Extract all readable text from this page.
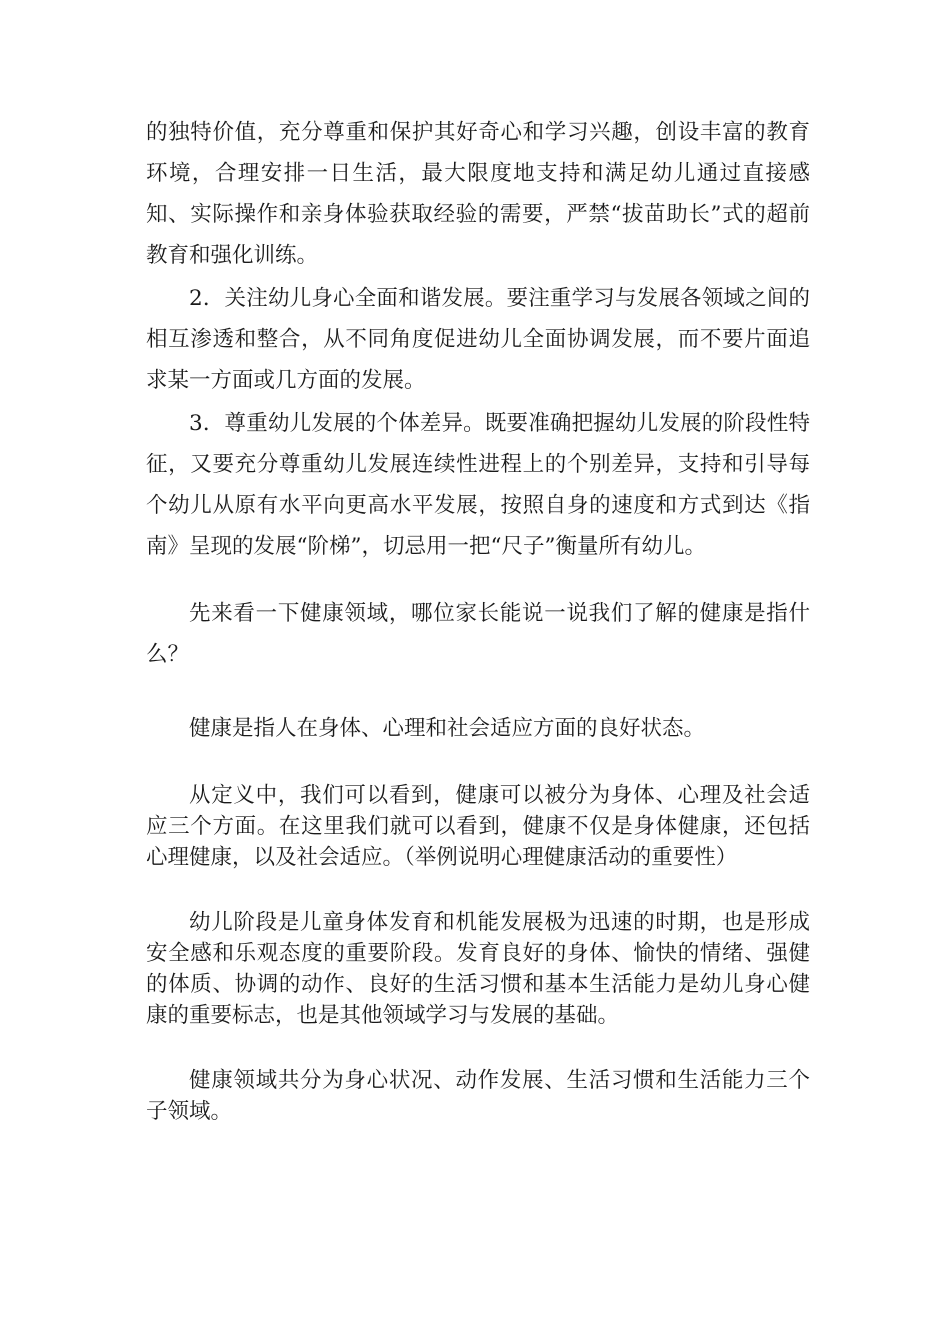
的独特价值，充分尊重和保护其好奇心和学习兴趣，创设丰富的教育环境，合理安排一日生活，最大限度地支持和满足幼儿通过直接感知、实际操作和亲身体验获取经验的需要，严禁“拔苗助长”式的超前教育和强化训练。

2．关注幼儿身心全面和谐发展。要注重学习与发展各领域之间的相互渗透和整合，从不同角度促进幼儿全面协调发展，而不要片面追求某一方面或几方面的发展。

3．尊重幼儿发展的个体差异。既要准确把握幼儿发展的阶段性特征，又要充分尊重幼儿发展连续性进程上的个别差异，支持和引导每个幼儿从原有水平向更高水平发展，按照自身的速度和方式到达《指南》呈现的发展“阶梯”，切忌用一把“尺子”衡量所有幼儿。

先来看一下健康领域，哪位家长能说一说我们了解的健康是指什么？

健康是指人在身体、心理和社会适应方面的良好状态。

从定义中，我们可以看到，健康可以被分为身体、心理及社会适应三个方面。在这里我们就可以看到，健康不仅是身体健康，还包括心理健康，以及社会适应。（举例说明心理健康活动的重要性）

幼儿阶段是儿童身体发育和机能发展极为迅速的时期，也是形成安全感和乐观态度的重要阶段。发育良好的身体、愉快的情绪、强健的体质、协调的动作、良好的生活习惯和基本生活能力是幼儿身心健康的重要标志，也是其他领域学习与发展的基础。

健康领域共分为身心状况、动作发展、生活习惯和生活能力三个子领域。
